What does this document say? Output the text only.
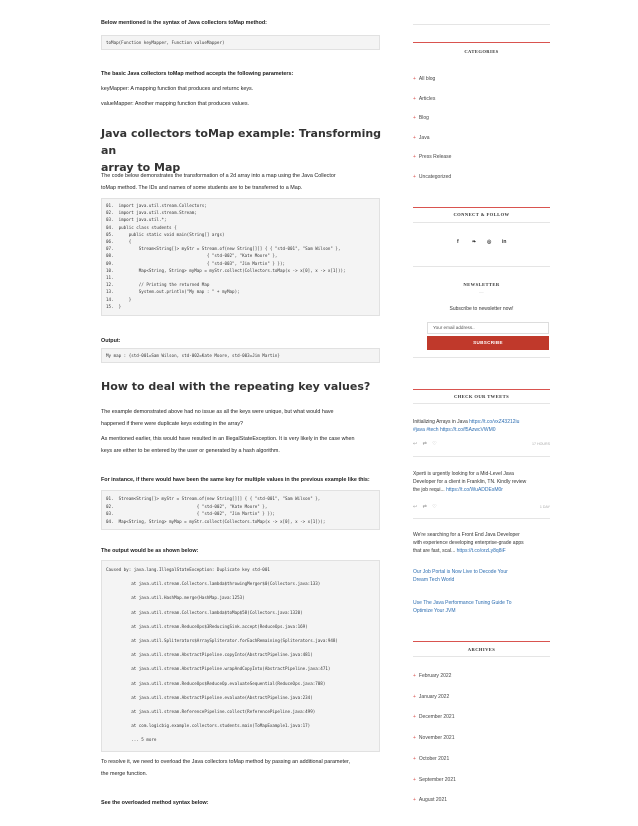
Below mentioned is the syntax of Java collectors toMap method:
toMap(Function keyMapper, Function valueMapper)
The basic Java collectors toMap method accepts the following parameters:
keyMapper: A mapping function that produces and returnc keys.
valueMapper: Another mapping function that produces values.
Java collectors toMap example: Transforming an
array to Map
The code below demonstrates the transformation of a 2d array into a map using the Java Collector
toMap method. The IDs and names of some students are to be transferred to a Map.
01.  import java.util.stream.Collectors;
02.  import java.util.stream.Stream;
03.  import java.util.*;
04.  public class students {
05.      public static void main(String[] args)
06.      {
07.          Stream<String[]> myStr = Stream.of(new String[][] { { "std-001", "Sam Wilson" },
08.                                     { "std-002", "Kate Moore" },
09.                                     { "std-003", "Jim Martin" } });
10.          Map<String, String> myMap = myStr.collect(Collectors.toMap(x -> x[0], x -> x[1]));
11.
12.          // Printing the returned Map
13.          System.out.println("My map : " + myMap);
14.      }
15.  }
Output:
My map : {std-001=Sam Wilson, std-002=Kate Moore, std-003=Jim Martin}
How to deal with the repeating key values?
The example demonstrated above had no issue as all the keys were unique, but what would have
happened if there were duplicate keys existing in the array?
As mentioned earlier, this would have resulted in an IllegalStateException. It is very likely in the case when
keys are either to be entered by the user or generated by a hash algorithm.
For instance, if there would have been the same key for multiple values in the previous example like this:
01.  Stream<String[]> myStr = Stream.of(new String[][] { { "std-001", "Sam Wilson" },
02.                                 { "std-002", "Kate Moore" },
03.                                 { "std-002", "Jim Martin" } });
04.  Map<String, String> myMap = myStr.collect(Collectors.toMap(x -> x[0], x -> x[1]));
The output would be as shown below:
Caused by: java.lang.IllegalStateException: Duplicate key std-001
at java.util.stream.Collectors.lambda$throwingMerger$0(Collectors.java:133)
at java.util.HashMap.merge(HashMap.java:1253)
at java.util.stream.Collectors.lambda$toMap$58(Collectors.java:1320)
at java.util.stream.ReduceOps$3ReducingSink.accept(ReduceOps.java:169)
at java.util.Spliterators$ArraySpliterator.forEachRemaining(Spliterators.java:948)
at java.util.stream.AbstractPipeline.copyInto(AbstractPipeline.java:481)
at java.util.stream.AbstractPipeline.wrapAndCopyInto(AbstractPipeline.java:471)
at java.util.stream.ReduceOps$ReduceOp.evaluateSequential(ReduceOps.java:708)
at java.util.stream.AbstractPipeline.evaluate(AbstractPipeline.java:234)
at java.util.stream.ReferencePipeline.collect(ReferencePipeline.java:499)
at com.logicbig.example.collectors.students.main(ToMapExample1.java:17)
... 5 more
To resolve it, we need to overload the Java collectors toMap method by passing an additional parameter,
the merge function.
See the overloaded method syntax below:
CATEGORIES
+ All blog
+ Articles
+ Blog
+ Java
+ Press Release
+ Uncategorized
CONNECT & FOLLOW
f	❧ ◎ in
NEWSLETTER
—
Subscribe to newsletter now!
Your email address..
SUBSCRIBE
CHECK OUR TWEETS
Initializing Arrays in Java https://t.co/vxZ43212iu
#java #tech https://t.co/f5AzwcVWM0
↩ ⇄ ♡	17 HOURS
Xperti is urgently looking for a Mid-Level Java
Developer for a client in Franklin, TN. Kindly review
the job requi... https://t.co/WuADDEsM0r
↩ ⇄ ♡	1 DAY
We're searching for a Front End Java Developer
with experience developing enterprise-grade apps
that are fast, scal... https://t.co/orzLy8q8iF
Our Job Portal is Now Live to Decode Your
Dream Tech World
Use The Java Performance Tuning Guide To
Optimize Your JVM
ARCHIVES
+ February 2022
+ January 2022
+ December 2021
+ November 2021
+ October 2021
+ September 2021
+ August 2021
